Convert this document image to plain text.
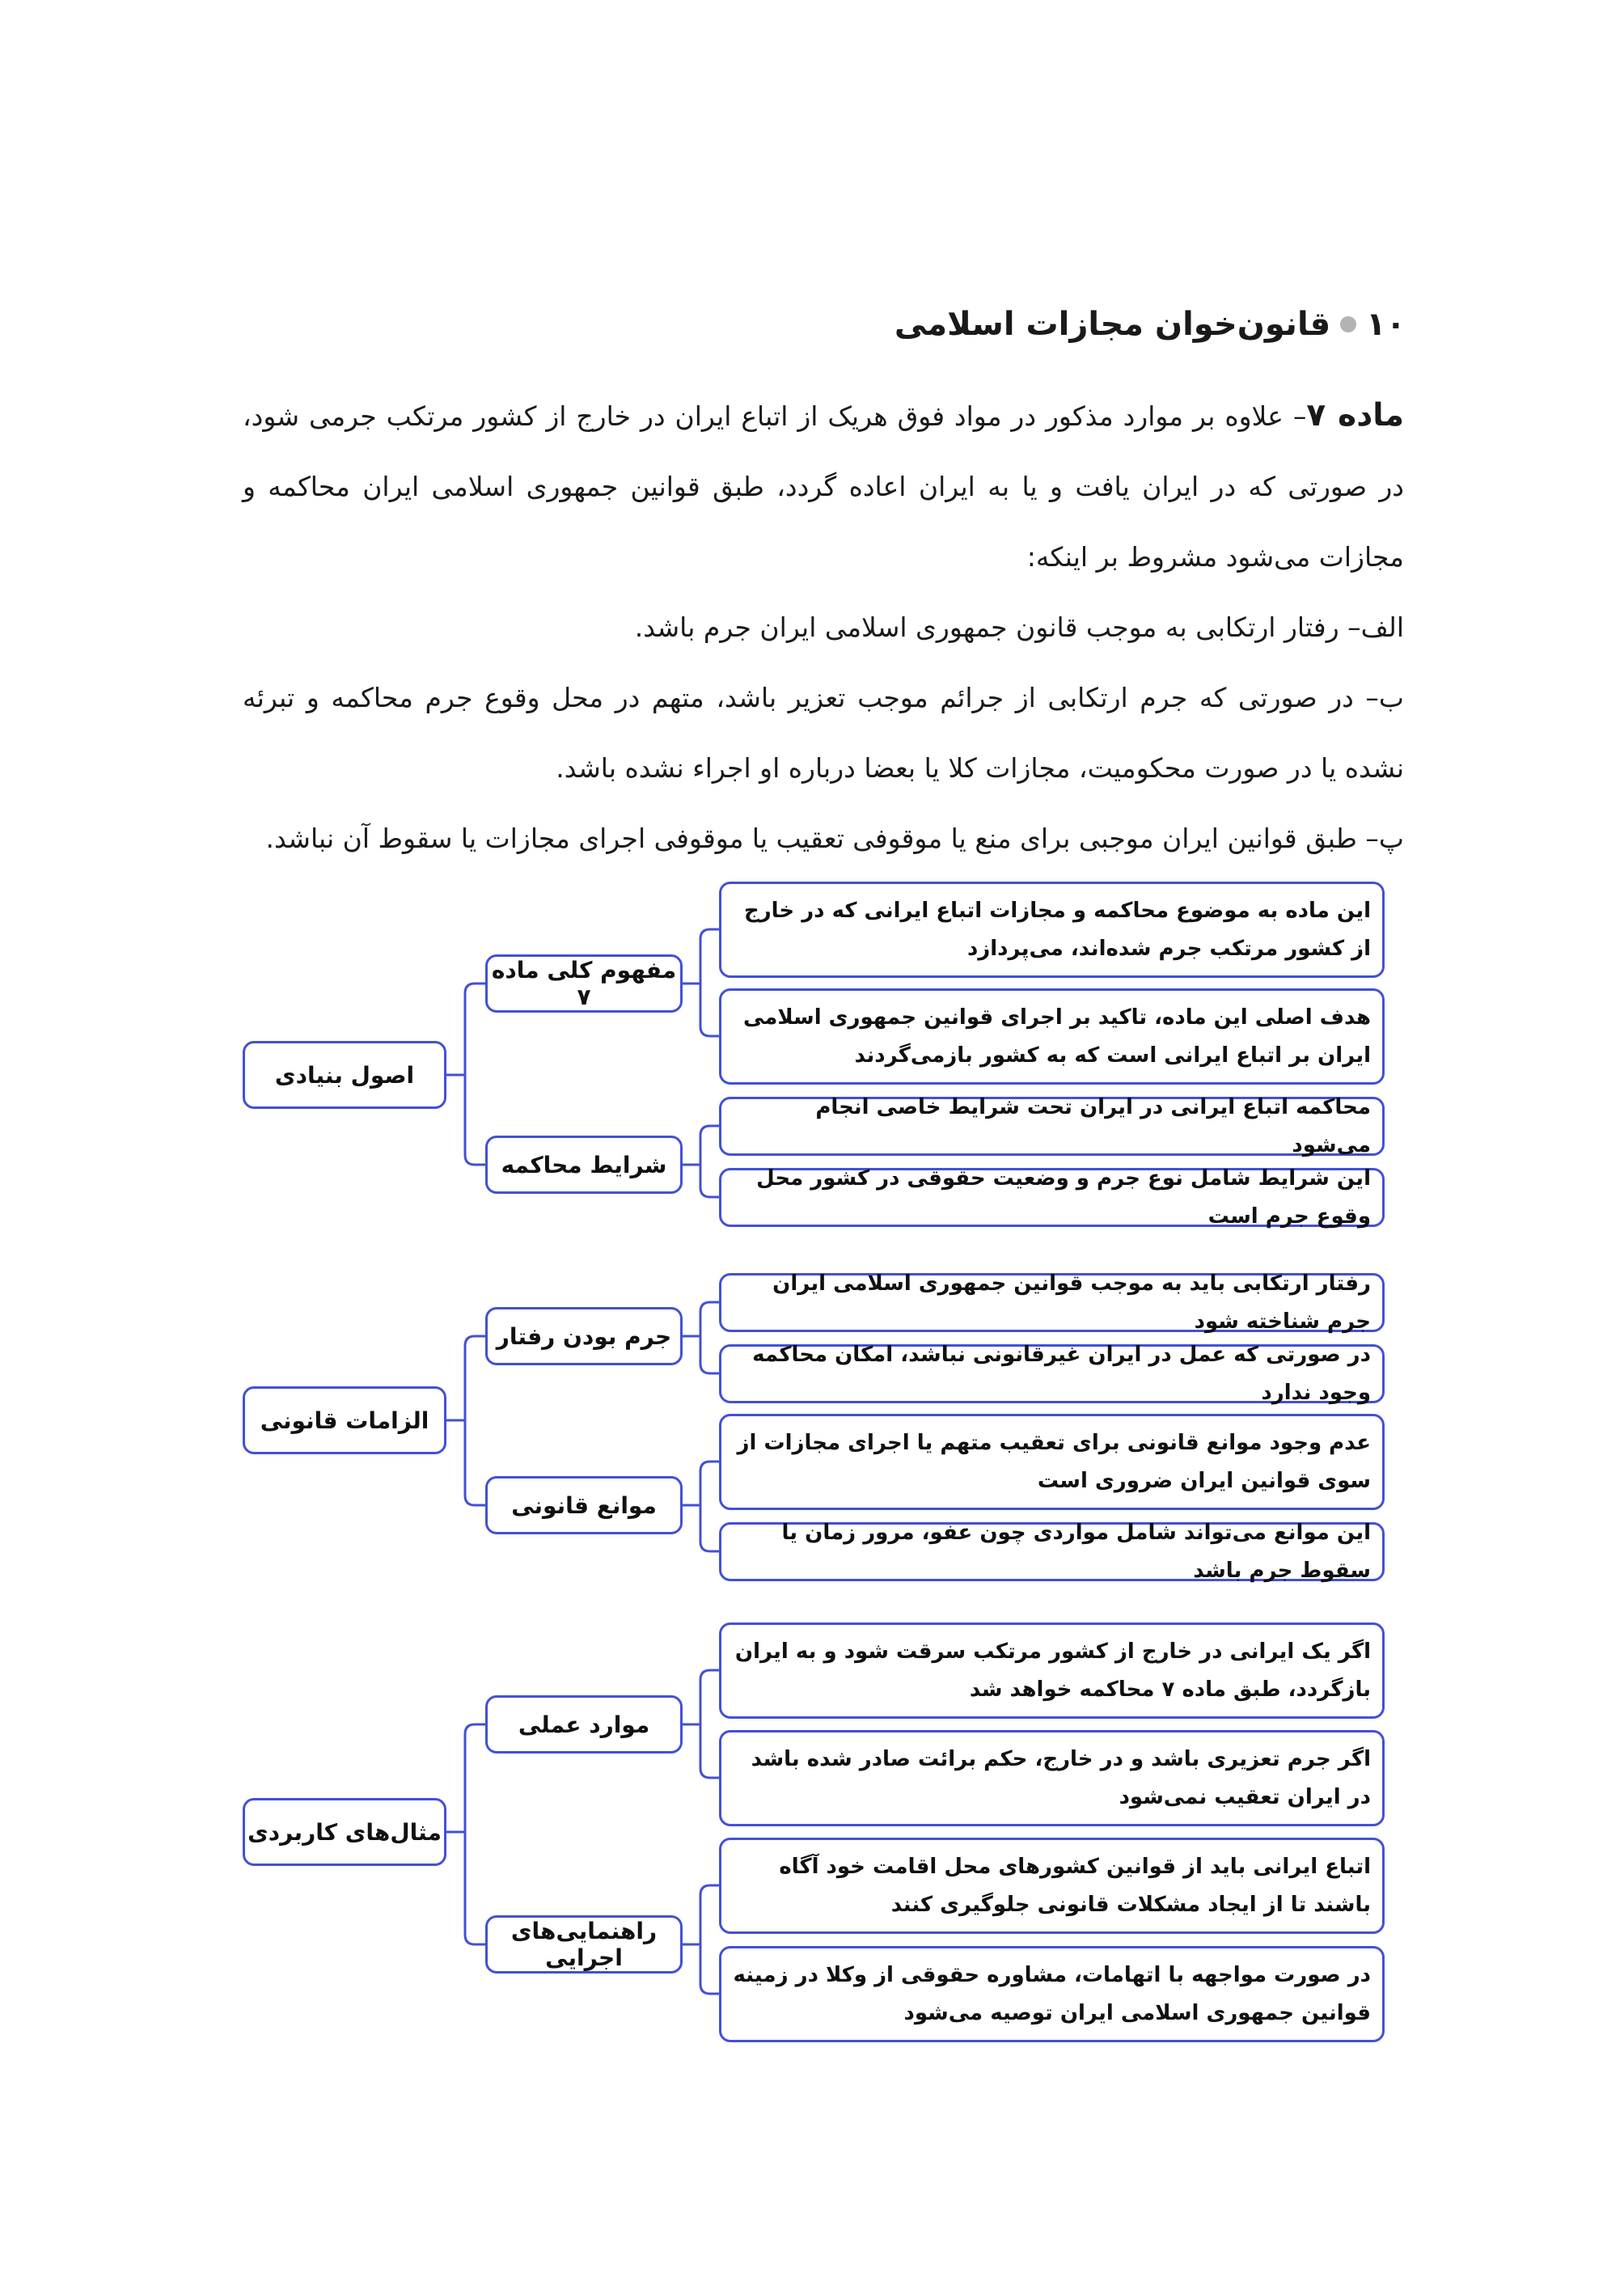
۱۰
قانون‌خوان مجازات اسلامی

ماده ۷– علاوه بر موارد مذکور در مواد فوق هریک از اتباع ایران در خارج از کشور مرتکب جرمی شود، در صورتی که در ایران یافت و یا به ایران اعاده گردد، طبق قوانین جمهوری اسلامی ایران محاکمه و مجازات می‌شود مشروط بر اینکه:

الف– رفتار ارتکابی به موجب قانون جمهوری اسلامی ایران جرم باشد.

ب– در صورتی که جرم ارتکابی از جرائم موجب تعزیر باشد، متهم در محل وقوع جرم محاکمه و تبرئه نشده یا در صورت محکومیت، مجازات کلا یا بعضا درباره او اجراء نشده باشد.

پ– طبق قوانین ایران موجبی برای منع یا موقوفی تعقیب یا موقوفی اجرای مجازات یا سقوط آن نباشد.

اصول بنیادی
مفهوم کلی ماده ۷
شرایط محاکمه
این ماده به موضوع محاکمه و مجازات اتباع ایرانی که در خارج از کشور مرتکب جرم شده‌اند، می‌پردازد
هدف اصلی این ماده، تاکید بر اجرای قوانین جمهوری اسلامی ایران بر اتباع ایرانی است که به کشور بازمی‌گردند
محاکمه اتباع ایرانی در ایران تحت شرایط خاصی انجام می‌شود
این شرایط شامل نوع جرم و وضعیت حقوقی در کشور محل وقوع جرم است
الزامات قانونی
جرم بودن رفتار
موانع قانونی
رفتار ارتکابی باید به موجب قوانین جمهوری اسلامی ایران جرم شناخته شود
در صورتی که عمل در ایران غیرقانونی نباشد، امکان محاکمه وجود ندارد
عدم وجود موانع قانونی برای تعقیب متهم یا اجرای مجازات از سوی قوانین ایران ضروری است
این موانع می‌تواند شامل مواردی چون عفو، مرور زمان یا سقوط جرم باشد
مثال‌های کاربردی
موارد عملی
راهنمایی‌های اجرایی
اگر یک ایرانی در خارج از کشور مرتکب سرقت شود و به ایران بازگردد، طبق ماده ۷ محاکمه خواهد شد
اگر جرم تعزیری باشد و در خارج، حکم برائت صادر شده باشد در ایران تعقیب نمی‌شود
اتباع ایرانی باید از قوانین کشورهای محل اقامت خود آگاه باشند تا از ایجاد مشکلات قانونی جلوگیری کنند
در صورت مواجهه با اتهامات، مشاوره حقوقی از وکلا در زمینه قوانین جمهوری اسلامی ایران توصیه می‌شود
